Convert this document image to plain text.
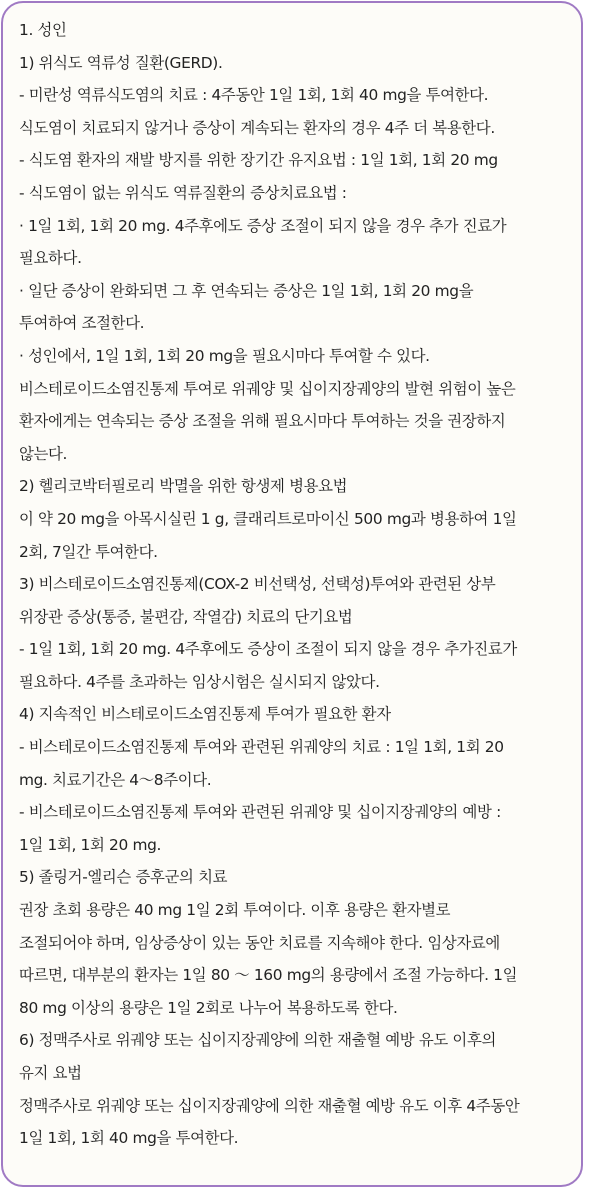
1. 성인
1) 위식도 역류성 질환(GERD).
- 미란성 역류식도염의 치료 : 4주동안 1일 1회, 1회 40 mg을 투여한다.
식도염이 치료되지 않거나 증상이 계속되는 환자의 경우 4주 더 복용한다.
- 식도염 환자의 재발 방지를 위한 장기간 유지요법 : 1일 1회, 1회 20 mg
- 식도염이 없는 위식도 역류질환의 증상치료요법 :
· 1일 1회, 1회 20 mg. 4주후에도 증상 조절이 되지 않을 경우 추가 진료가
필요하다.
· 일단 증상이 완화되면 그 후 연속되는 증상은 1일 1회, 1회 20 mg을
투여하여 조절한다.
· 성인에서, 1일 1회, 1회 20 mg을 필요시마다 투여할 수 있다.
비스테로이드소염진통제 투여로 위궤양 및 십이지장궤양의 발현 위험이 높은
환자에게는 연속되는 증상 조절을 위해 필요시마다 투여하는 것을 권장하지
않는다.
2) 헬리코박터필로리 박멸을 위한 항생제 병용요법
이 약 20 mg을 아목시실린 1 g, 클래리트로마이신 500 mg과 병용하여 1일
2회, 7일간 투여한다.
3) 비스테로이드소염진통제(COX-2 비선택성, 선택성)투여와 관련된 상부
위장관 증상(통증, 불편감, 작열감) 치료의 단기요법
- 1일 1회, 1회 20 mg. 4주후에도 증상이 조절이 되지 않을 경우 추가진료가
필요하다. 4주를 초과하는 임상시험은 실시되지 않았다.
4) 지속적인 비스테로이드소염진통제 투여가 필요한 환자
- 비스테로이드소염진통제 투여와 관련된 위궤양의 치료 : 1일 1회, 1회 20
mg. 치료기간은 4～8주이다.
- 비스테로이드소염진통제 투여와 관련된 위궤양 및 십이지장궤양의 예방 :
1일 1회, 1회 20 mg.
5) 졸링거-엘리슨 증후군의 치료
권장 초회 용량은 40 mg 1일 2회 투여이다. 이후 용량은 환자별로
조절되어야 하며, 임상증상이 있는 동안 치료를 지속해야 한다. 임상자료에
따르면, 대부분의 환자는 1일 80 ～ 160 mg의 용량에서 조절 가능하다. 1일
80 mg 이상의 용량은 1일 2회로 나누어 복용하도록 한다.
6) 정맥주사로 위궤양 또는 십이지장궤양에 의한 재출혈 예방 유도 이후의
유지 요법
정맥주사로 위궤양 또는 십이지장궤양에 의한 재출혈 예방 유도 이후 4주동안
1일 1회, 1회 40 mg을 투여한다.
